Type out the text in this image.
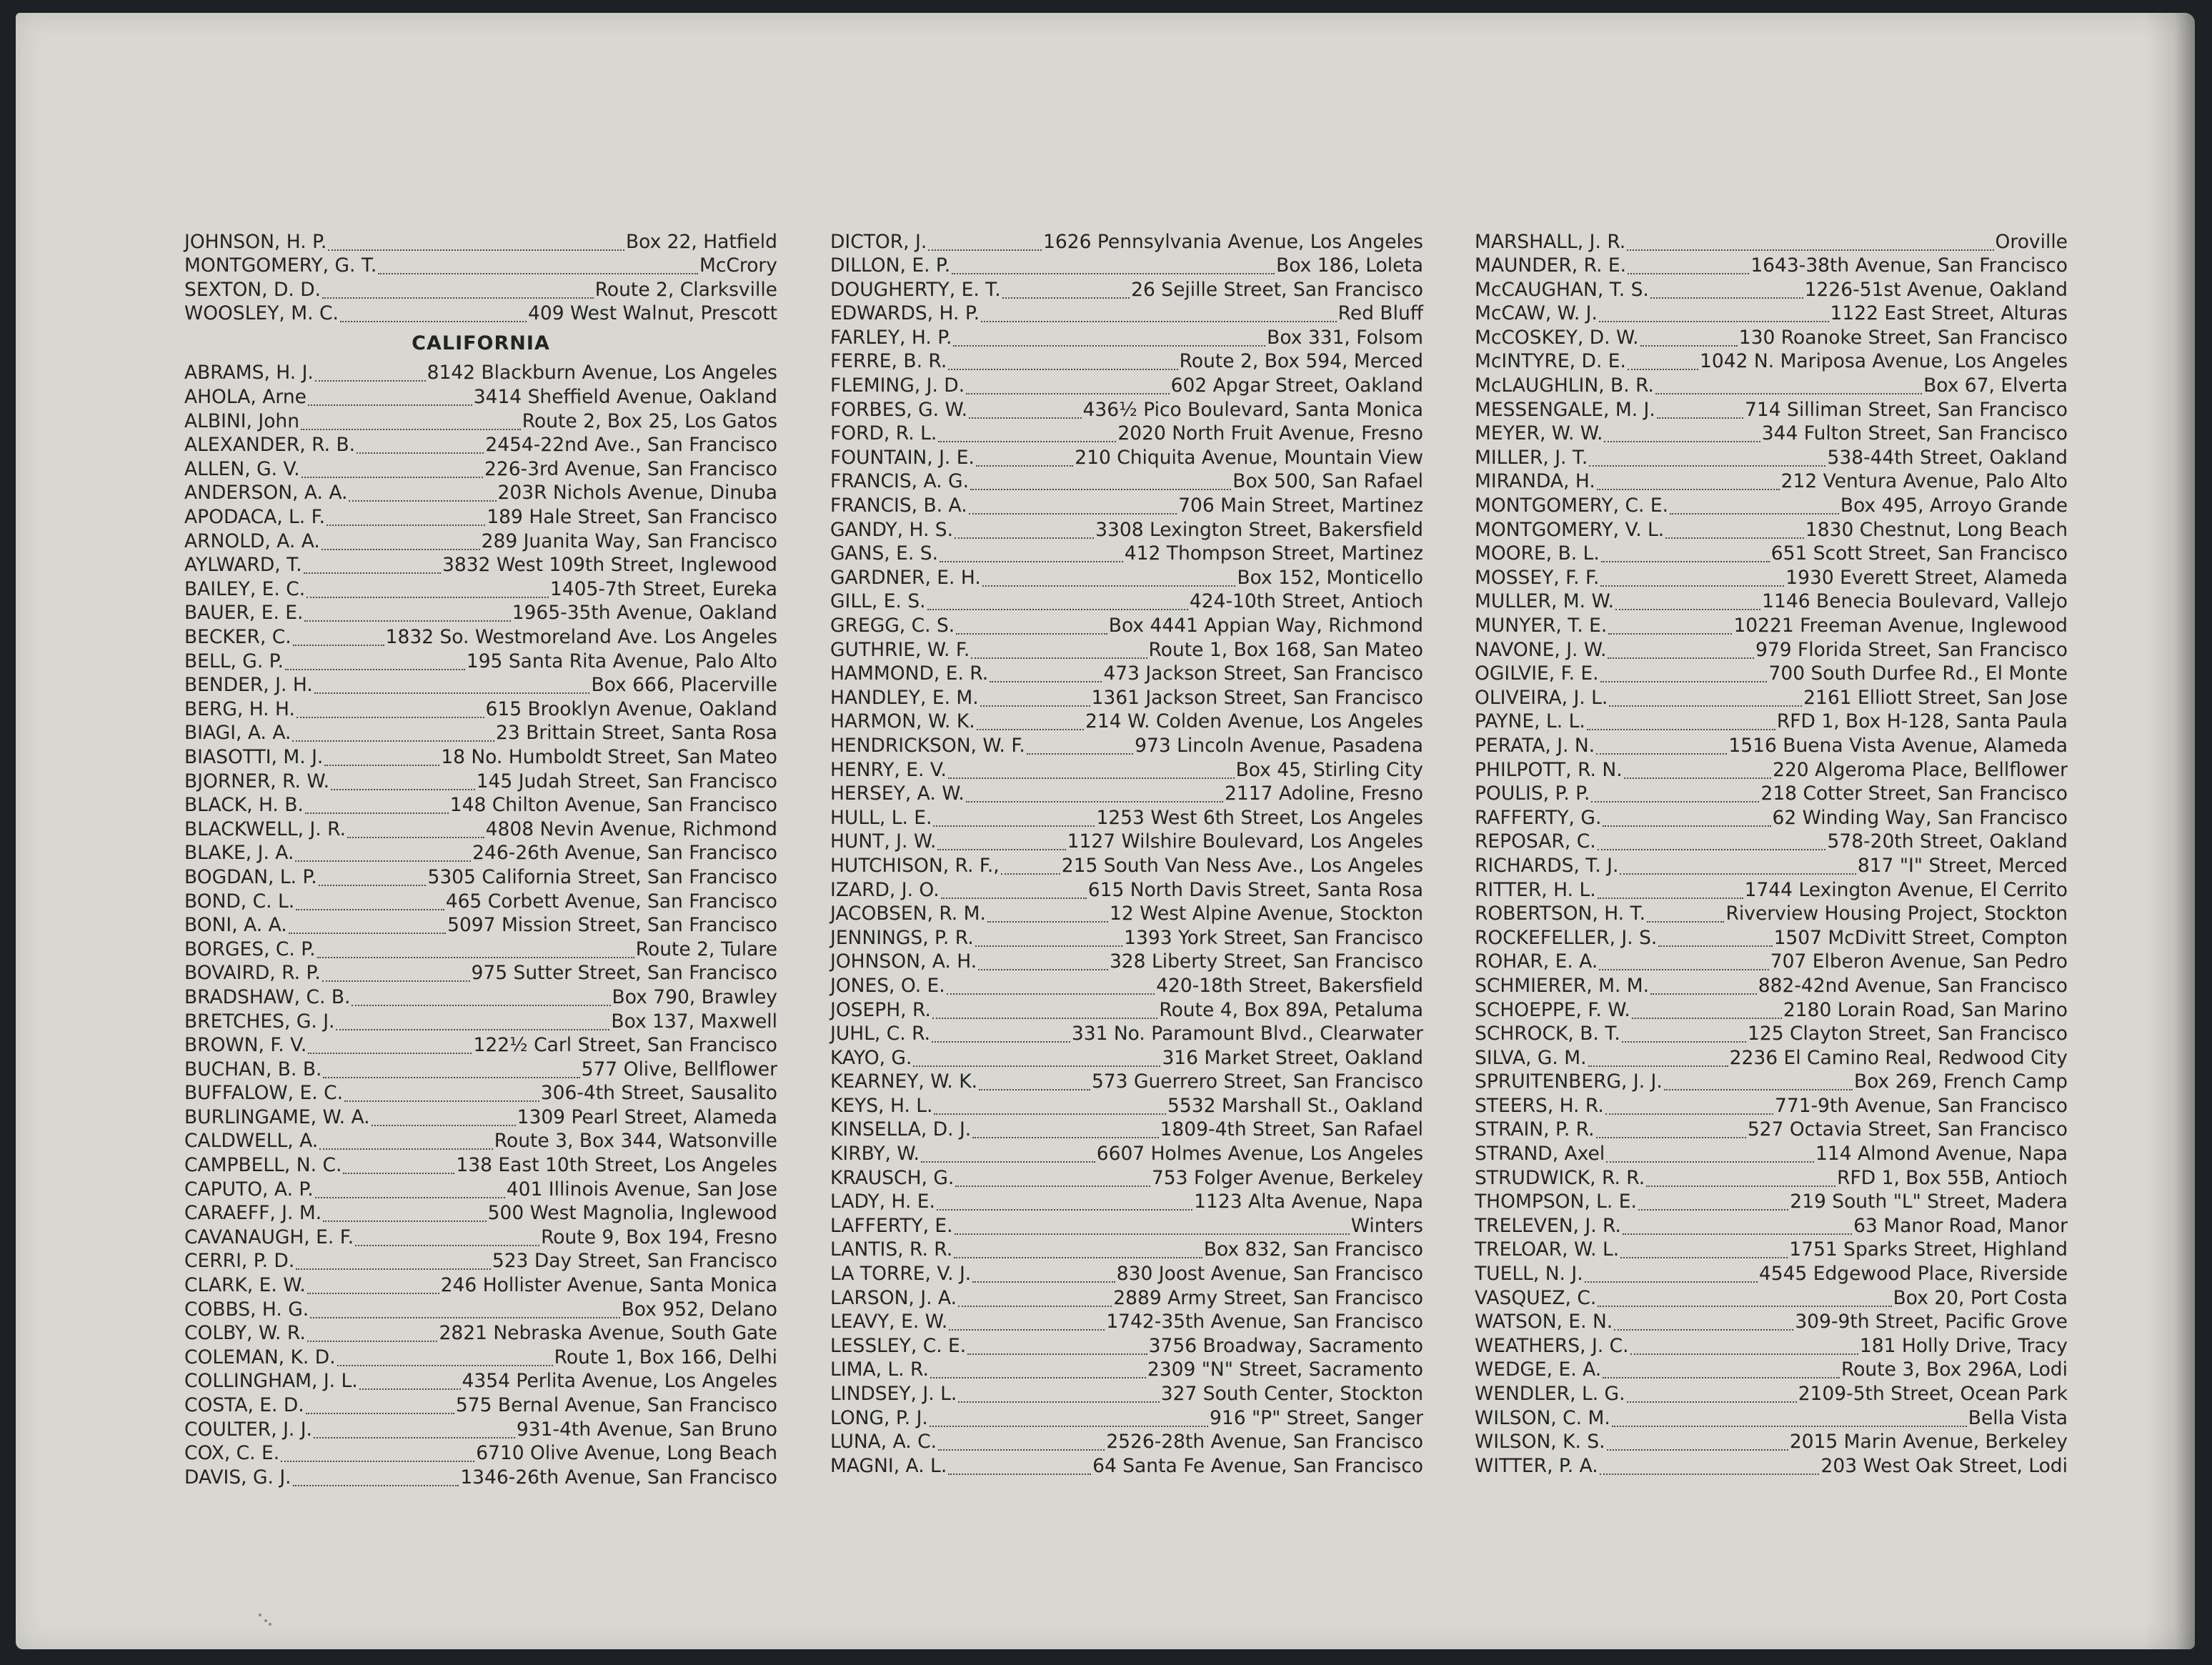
JOHNSON, H. P.	Box 22, Hatfield
MONTGOMERY, G. T.	McCrory
SEXTON, D. D.	Route 2, Clarksville
WOOSLEY, M. C.	409 West Walnut, Prescott
CALIFORNIA
ABRAMS, H. J.	8142 Blackburn Avenue, Los Angeles
AHOLA, Arne	3414 Sheffield Avenue, Oakland
ALBINI, John	Route 2, Box 25, Los Gatos
ALEXANDER, R. B.	2454-22nd Ave., San Francisco
ALLEN, G. V.	226-3rd Avenue, San Francisco
ANDERSON, A. A.	203R Nichols Avenue, Dinuba
APODACA, L. F.	189 Hale Street, San Francisco
ARNOLD, A. A.	289 Juanita Way, San Francisco
AYLWARD, T.	3832 West 109th Street, Inglewood
BAILEY, E. C.	1405-7th Street, Eureka
BAUER, E. E.	1965-35th Avenue, Oakland
BECKER, C.	1832 So. Westmoreland Ave. Los Angeles
BELL, G. P.	195 Santa Rita Avenue, Palo Alto
BENDER, J. H.	Box 666, Placerville
BERG, H. H.	615 Brooklyn Avenue, Oakland
BIAGI, A. A.	23 Brittain Street, Santa Rosa
BIASOTTI, M. J.	18 No. Humboldt Street, San Mateo
BJORNER, R. W.	145 Judah Street, San Francisco
BLACK, H. B.	148 Chilton Avenue, San Francisco
BLACKWELL, J. R.	4808 Nevin Avenue, Richmond
BLAKE, J. A.	246-26th Avenue, San Francisco
BOGDAN, L. P.	5305 California Street, San Francisco
BOND, C. L.	465 Corbett Avenue, San Francisco
BONI, A. A.	5097 Mission Street, San Francisco
BORGES, C. P.	Route 2, Tulare
BOVAIRD, R. P.	975 Sutter Street, San Francisco
BRADSHAW, C. B.	Box 790, Brawley
BRETCHES, G. J.	Box 137, Maxwell
BROWN, F. V.	122½ Carl Street, San Francisco
BUCHAN, B. B.	577 Olive, Bellflower
BUFFALOW, E. C.	306-4th Street, Sausalito
BURLINGAME, W. A.	1309 Pearl Street, Alameda
CALDWELL, A.	Route 3, Box 344, Watsonville
CAMPBELL, N. C.	138 East 10th Street, Los Angeles
CAPUTO, A. P.	401 Illinois Avenue, San Jose
CARAEFF, J. M.	500 West Magnolia, Inglewood
CAVANAUGH, E. F.	Route 9, Box 194, Fresno
CERRI, P. D.	523 Day Street, San Francisco
CLARK, E. W.	246 Hollister Avenue, Santa Monica
COBBS, H. G.	Box 952, Delano
COLBY, W. R.	2821 Nebraska Avenue, South Gate
COLEMAN, K. D.	Route 1, Box 166, Delhi
COLLINGHAM, J. L.	4354 Perlita Avenue, Los Angeles
COSTA, E. D.	575 Bernal Avenue, San Francisco
COULTER, J. J.	931-4th Avenue, San Bruno
COX, C. E.	6710 Olive Avenue, Long Beach
DAVIS, G. J.	1346-26th Avenue, San Francisco
DICTOR, J.	1626 Pennsylvania Avenue, Los Angeles
DILLON, E. P.	Box 186, Loleta
DOUGHERTY, E. T.	26 Sejille Street, San Francisco
EDWARDS, H. P.	Red Bluff
FARLEY, H. P.	Box 331, Folsom
FERRE, B. R.	Route 2, Box 594, Merced
FLEMING, J. D.	602 Apgar Street, Oakland
FORBES, G. W.	436½ Pico Boulevard, Santa Monica
FORD, R. L.	2020 North Fruit Avenue, Fresno
FOUNTAIN, J. E.	210 Chiquita Avenue, Mountain View
FRANCIS, A. G.	Box 500, San Rafael
FRANCIS, B. A.	706 Main Street, Martinez
GANDY, H. S.	3308 Lexington Street, Bakersfield
GANS, E. S.	412 Thompson Street, Martinez
GARDNER, E. H.	Box 152, Monticello
GILL, E. S.	424-10th Street, Antioch
GREGG, C. S.	Box 4441 Appian Way, Richmond
GUTHRIE, W. F.	Route 1, Box 168, San Mateo
HAMMOND, E. R.	473 Jackson Street, San Francisco
HANDLEY, E. M.	1361 Jackson Street, San Francisco
HARMON, W. K.	214 W. Colden Avenue, Los Angeles
HENDRICKSON, W. F.	973 Lincoln Avenue, Pasadena
HENRY, E. V.	Box 45, Stirling City
HERSEY, A. W.	2117 Adoline, Fresno
HULL, L. E.	1253 West 6th Street, Los Angeles
HUNT, J. W.	1127 Wilshire Boulevard, Los Angeles
HUTCHISON, R. F.,	215 South Van Ness Ave., Los Angeles
IZARD, J. O.	615 North Davis Street, Santa Rosa
JACOBSEN, R. M.	12 West Alpine Avenue, Stockton
JENNINGS, P. R.	1393 York Street, San Francisco
JOHNSON, A. H.	328 Liberty Street, San Francisco
JONES, O. E.	420-18th Street, Bakersfield
JOSEPH, R.	Route 4, Box 89A, Petaluma
JUHL, C. R.	331 No. Paramount Blvd., Clearwater
KAYO, G.	316 Market Street, Oakland
KEARNEY, W. K.	573 Guerrero Street, San Francisco
KEYS, H. L.	5532 Marshall St., Oakland
KINSELLA, D. J.	1809-4th Street, San Rafael
KIRBY, W.	6607 Holmes Avenue, Los Angeles
KRAUSCH, G.	753 Folger Avenue, Berkeley
LADY, H. E.	1123 Alta Avenue, Napa
LAFFERTY, E.	Winters
LANTIS, R. R.	Box 832, San Francisco
LA TORRE, V. J.	830 Joost Avenue, San Francisco
LARSON, J. A.	2889 Army Street, San Francisco
LEAVY, E. W.	1742-35th Avenue, San Francisco
LESSLEY, C. E.	3756 Broadway, Sacramento
LIMA, L. R.	2309 "N" Street, Sacramento
LINDSEY, J. L.	327 South Center, Stockton
LONG, P. J.	916 "P" Street, Sanger
LUNA, A. C.	2526-28th Avenue, San Francisco
MAGNI, A. L.	64 Santa Fe Avenue, San Francisco
MARSHALL, J. R.	Oroville
MAUNDER, R. E.	1643-38th Avenue, San Francisco
McCAUGHAN, T. S.	1226-51st Avenue, Oakland
McCAW, W. J.	1122 East Street, Alturas
McCOSKEY, D. W.	130 Roanoke Street, San Francisco
McINTYRE, D. E.	1042 N. Mariposa Avenue, Los Angeles
McLAUGHLIN, B. R.	Box 67, Elverta
MESSENGALE, M. J.	714 Silliman Street, San Francisco
MEYER, W. W.	344 Fulton Street, San Francisco
MILLER, J. T.	538-44th Street, Oakland
MIRANDA, H.	212 Ventura Avenue, Palo Alto
MONTGOMERY, C. E.	Box 495, Arroyo Grande
MONTGOMERY, V. L.	1830 Chestnut, Long Beach
MOORE, B. L.	651 Scott Street, San Francisco
MOSSEY, F. F.	1930 Everett Street, Alameda
MULLER, M. W.	1146 Benecia Boulevard, Vallejo
MUNYER, T. E.	10221 Freeman Avenue, Inglewood
NAVONE, J. W.	979 Florida Street, San Francisco
OGILVIE, F. E.	700 South Durfee Rd., El Monte
OLIVEIRA, J. L.	2161 Elliott Street, San Jose
PAYNE, L. L.	RFD 1, Box H-128, Santa Paula
PERATA, J. N.	1516 Buena Vista Avenue, Alameda
PHILPOTT, R. N.	220 Algeroma Place, Bellflower
POULIS, P. P.	218 Cotter Street, San Francisco
RAFFERTY, G.	62 Winding Way, San Francisco
REPOSAR, C.	578-20th Street, Oakland
RICHARDS, T. J.	817 "I" Street, Merced
RITTER, H. L.	1744 Lexington Avenue, El Cerrito
ROBERTSON, H. T.	Riverview Housing Project, Stockton
ROCKEFELLER, J. S.	1507 McDivitt Street, Compton
ROHAR, E. A.	707 Elberon Avenue, San Pedro
SCHMIERER, M. M.	882-42nd Avenue, San Francisco
SCHOEPPE, F. W.	2180 Lorain Road, San Marino
SCHROCK, B. T.	125 Clayton Street, San Francisco
SILVA, G. M.	2236 El Camino Real, Redwood City
SPRUITENBERG, J. J.	Box 269, French Camp
STEERS, H. R.	771-9th Avenue, San Francisco
STRAIN, P. R.	527 Octavia Street, San Francisco
STRAND, Axel	114 Almond Avenue, Napa
STRUDWICK, R. R.	RFD 1, Box 55B, Antioch
THOMPSON, L. E.	219 South "L" Street, Madera
TRELEVEN, J. R.	63 Manor Road, Manor
TRELOAR, W. L.	1751 Sparks Street, Highland
TUELL, N. J.	4545 Edgewood Place, Riverside
VASQUEZ, C.	Box 20, Port Costa
WATSON, E. N.	309-9th Street, Pacific Grove
WEATHERS, J. C.	181 Holly Drive, Tracy
WEDGE, E. A.	Route 3, Box 296A, Lodi
WENDLER, L. G.	2109-5th Street, Ocean Park
WILSON, C. M.	Bella Vista
WILSON, K. S.	2015 Marin Avenue, Berkeley
WITTER, P. A.	203 West Oak Street, Lodi
